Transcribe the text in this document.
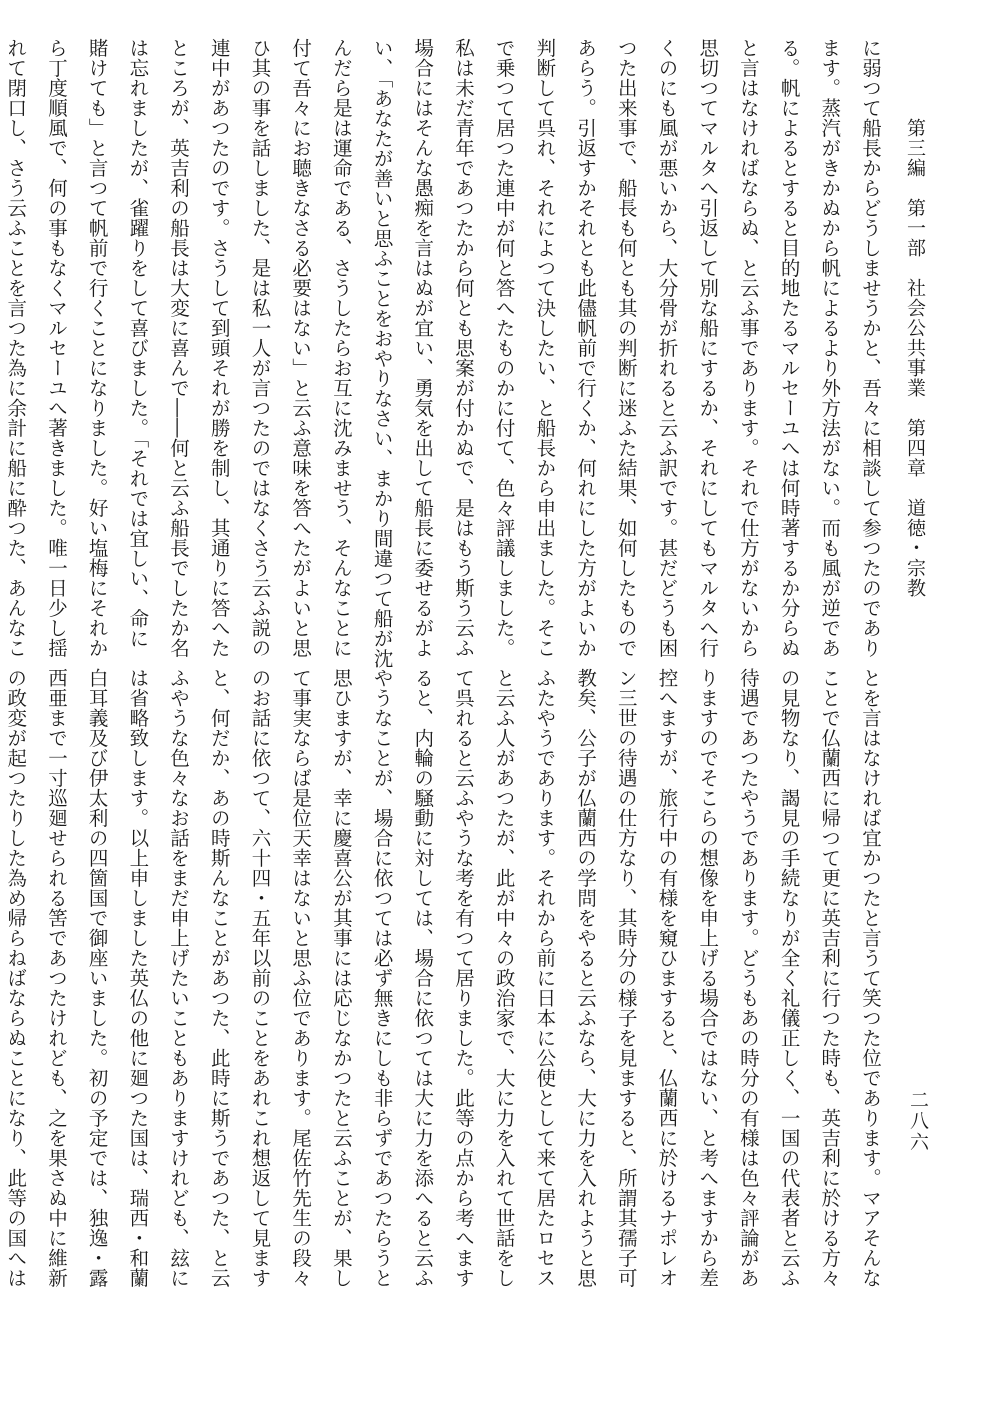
第三編　第一部　社会公共事業　第四章　道徳・宗教
二八六
に弱つて船長からどうしませうかと、吾々に相談して参つたのであり
ます。蒸汽がきかぬから帆によるより外方法がない。而も風が逆であ
る。帆によるとすると目的地たるマルセーユへは何時著するか分らぬ
と言はなければならぬ、と云ふ事であります。それで仕方がないから
思切つてマルタへ引返して別な船にするか、それにしてもマルタへ行
くのにも風が悪いから、大分骨が折れると云ふ訳です。甚だどうも困
つた出来事で、船長も何とも其の判断に迷ふた結果、如何したもので
あらう。引返すかそれとも此儘帆前で行くか、何れにした方がよいか
判断して呉れ、それによつて決したい、と船長から申出ました。そこ
で乗つて居つた連中が何と答へたものかに付て、色々評議しました。
私は未だ青年であつたから何とも思案が付かぬで、是はもう斯う云ふ
場合にはそんな愚痴を言はぬが宜い、勇気を出して船長に委せるがよ
い、「あなたが善いと思ふことをおやりなさい、まかり間違つて船が沈
んだら是は運命である、さうしたらお互に沈みませう、そんなことに
付て吾々にお聴きなさる必要はない」と云ふ意味を答へたがよいと思
ひ其の事を話しました、是は私一人が言つたのではなくさう云ふ説の
連中があつたのです。さうして到頭それが勝を制し、其通りに答へた
ところが、英吉利の船長は大変に喜んで――何と云ふ船長でしたか名
は忘れましたが、雀躍りをして喜びました。「それでは宜しい、命に
賭けても」と言つて帆前で行くことになりました。好い塩梅にそれか
ら丁度順風で、何の事もなくマルセーユへ著きました。唯一日少し揺
れて閉口し、さう云ふことを言つた為に余計に船に酔つた、あんなこ
とを言はなければ宜かつたと言うて笑つた位であります。マアそんな
ことで仏蘭西に帰つて更に英吉利に行つた時も、英吉利に於ける方々
の見物なり、謁見の手続なりが全く礼儀正しく、一国の代表者と云ふ
待遇であつたやうであります。どうもあの時分の有様は色々評論があ
りますのでそこらの想像を申上げる場合ではない、と考へますから差
控へますが、旅行中の有様を窺ひますると、仏蘭西に於けるナポレオ
ン三世の待遇の仕方なり、其時分の様子を見ますると、所謂其孺子可
教矣、公子が仏蘭西の学問をやると云ふなら、大に力を入れようと思
ふたやうであります。それから前に日本に公使として来て居たロセス
と云ふ人があつたが、此が中々の政治家で、大に力を入れて世話をし
て呉れると云ふやうな考を有つて居りました。此等の点から考へます
ると、内輪の騒動に対しては、場合に依つては大に力を添へると云ふ
やうなことが、場合に依つては必ず無きにしも非らずであつたらうと
思ひますが、幸に慶喜公が其事には応じなかつたと云ふことが、果し
て事実ならば是位天幸はないと思ふ位であります。尾佐竹先生の段々
のお話に依つて、六十四・五年以前のことをあれこれ想返して見ます
と、何だか、あの時斯んなことがあつた、此時に斯うであつた、と云
ふやうな色々なお話をまだ申上げたいこともありますけれども、玆に
は省略致します。以上申しました英仏の他に廻つた国は、瑞西・和蘭
白耳義及び伊太利の四箇国で御座いました。初の予定では、独逸・露
西亜まで一寸巡廻せられる筈であつたけれども、之を果さぬ中に維新
の政変が起つたりした為め帰らねばならぬことになり、此等の国へは
